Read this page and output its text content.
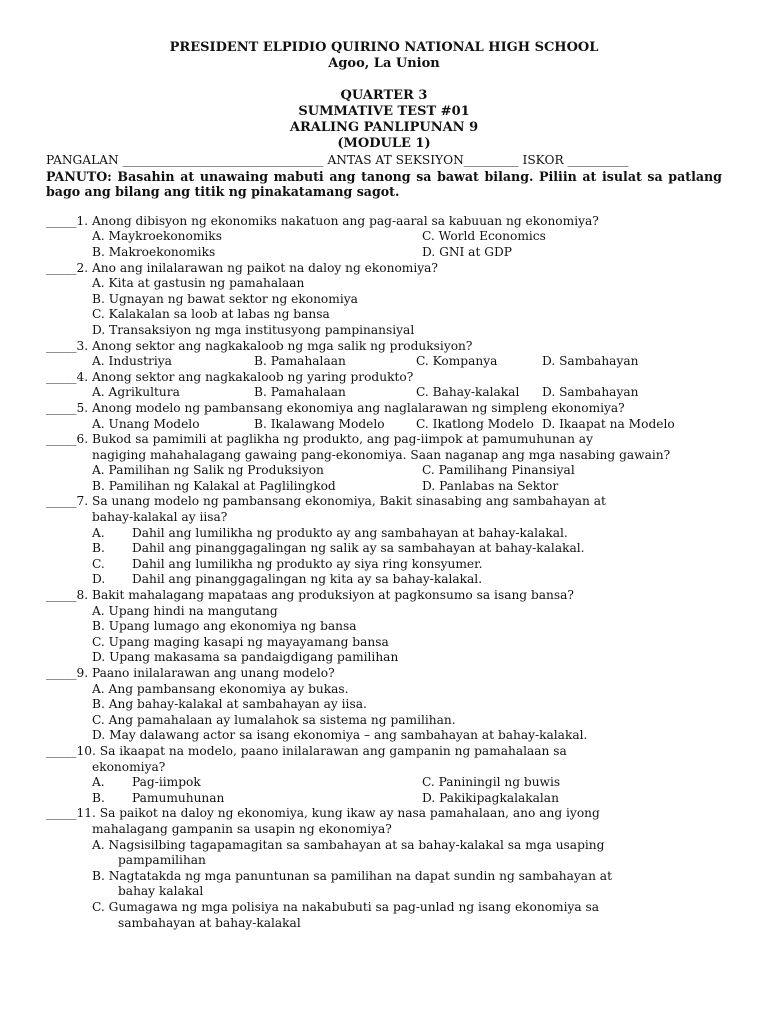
PRESIDENT ELPIDIO QUIRINO NATIONAL HIGH SCHOOL
Agoo, La Union
QUARTER 3
SUMMATIVE TEST #01
ARALING PANLIPUNAN 9
(MODULE 1)
PANGALAN _________________________________ ANTAS AT SEKSIYON_________ ISKOR __________
PANUTO: Basahin at unawaing mabuti ang tanong sa bawat bilang. Piliin at isulat sa patlang bago ang bilang ang titik ng pinakatamang sagot.
_____1. Anong dibisyon ng ekonomiks nakatuon ang pag-aaral sa kabuuan ng ekonomiya?
A. Maykroekonomiks	C. World Economics
B. Makroekonomiks	D. GNI at GDP
_____2. Ano ang inilalarawan ng paikot na daloy ng ekonomiya?
A. Kita at gastusin ng pamahalaan
B. Ugnayan ng bawat sektor ng ekonomiya
C. Kalakalan sa loob at labas ng bansa
D. Transaksiyon ng mga institusyong pampinansiyal
_____3. Anong sektor ang nagkakaloob ng mga salik ng produksiyon?
A. Industriya	B. Pamahalaan	C. Kompanya	D. Sambahayan
_____4. Anong sektor ang nagkakaloob ng yaring produkto?
A. Agrikultura	B. Pamahalaan	C. Bahay-kalakal	D. Sambahayan
_____5. Anong modelo ng pambansang ekonomiya ang naglalarawan ng simpleng ekonomiya?
A. Unang Modelo	B. Ikalawang Modelo	C. Ikatlong Modelo D. Ikaapat na Modelo
_____6. Bukod sa pamimili at paglikha ng produkto, ang pag-iimpok at pamumuhunan ay
nagiging mahahalagang gawaing pang-ekonomiya. Saan naganap ang mga nasabing gawain?
A. Pamilihan ng Salik ng Produksiyon	C. Pamilihang Pinansiyal
B. Pamilihan ng Kalakal at Paglilingkod	D. Panlabas na Sektor
_____7. Sa unang modelo ng pambansang ekonomiya, Bakit sinasabing ang sambahayan at
bahay-kalakal ay iisa?
A.	Dahil ang lumilikha ng produkto ay ang sambahayan at bahay-kalakal.
B.	Dahil ang pinanggagalingan ng salik ay sa sambahayan at bahay-kalakal.
C.	Dahil ang lumilikha ng produkto ay siya ring konsyumer.
D.	Dahil ang pinanggagalingan ng kita ay sa bahay-kalakal.
_____8. Bakit mahalagang mapataas ang produksiyon at pagkonsumo sa isang bansa?
A. Upang hindi na mangutang
B. Upang lumago ang ekonomiya ng bansa
C. Upang maging kasapi ng mayayamang bansa
D. Upang makasama sa pandaigdigang pamilihan
_____9. Paano inilalarawan ang unang modelo?
A. Ang pambansang ekonomiya ay bukas.
B. Ang bahay-kalakal at sambahayan ay iisa.
C. Ang pamahalaan ay lumalahok sa sistema ng pamilihan.
D. May dalawang actor sa isang ekonomiya – ang sambahayan at bahay-kalakal.
_____10. Sa ikaapat na modelo, paano inilalarawan ang gampanin ng pamahalaan sa
ekonomiya?
A.	Pag-iimpok	C. Paniningil ng buwis
B.	Pamumuhunan	D. Pakikipagkalakalan
_____11. Sa paikot na daloy ng ekonomiya, kung ikaw ay nasa pamahalaan, ano ang iyong
mahalagang gampanin sa usapin ng ekonomiya?
A. Nagsisilbing tagapamagitan sa sambahayan at sa bahay-kalakal sa mga usaping
pampamilihan
B. Nagtatakda ng mga panuntunan sa pamilihan na dapat sundin ng sambahayan at
bahay kalakal
C. Gumagawa ng mga polisiya na nakabubuti sa pag-unlad ng isang ekonomiya sa
sambahayan at bahay-kalakal
